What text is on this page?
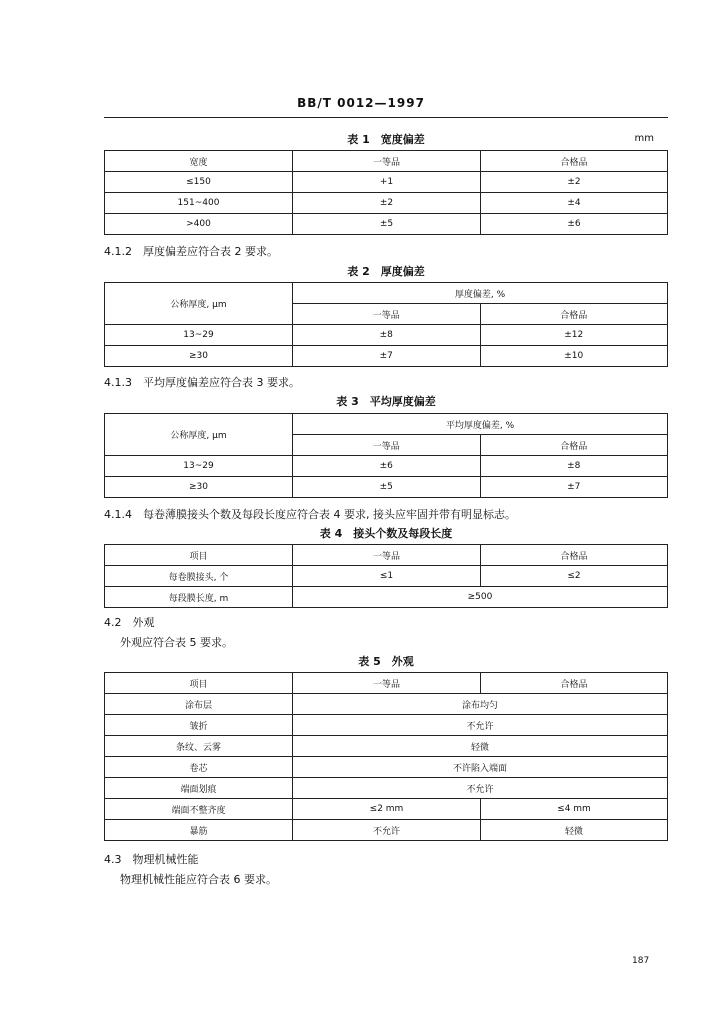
BB/T 0012—1997
表 1　宽度偏差	mm
宽度	一等品	合格品
≤150	+1	±2
151~400	±2	±4
>400	±5	±6
4.1.2　厚度偏差应符合表 2 要求。
表 2　厚度偏差
公称厚度, μm	厚度偏差, %	
	一等品	合格品
13~29	±8	±12
≥30	±7	±10
4.1.3　平均厚度偏差应符合表 3 要求。
表 3　平均厚度偏差
公称厚度, μm	平均厚度偏差, %	
	一等品	合格品
13~29	±6	±8
≥30	±5	±7
4.1.4　每卷薄膜接头个数及每段长度应符合表 4 要求, 接头应牢固并带有明显标志。
表 4　接头个数及每段长度
项目	一等品	合格品
每卷膜接头, 个	≤1	≤2
每段膜长度, m	≥500	
4.2　外观
外观应符合表 5 要求。
表 5　外观
项目	一等品	合格品
涂布层	涂布均匀	
皱折	不允许	
条纹、云雾	轻微	
卷芯	不许陷入端面	
端面划痕	不允许	
端面不整齐度	≤2 mm	≤4 mm
暴筋	不允许	轻微
4.3　物理机械性能
物理机械性能应符合表 6 要求。
187
